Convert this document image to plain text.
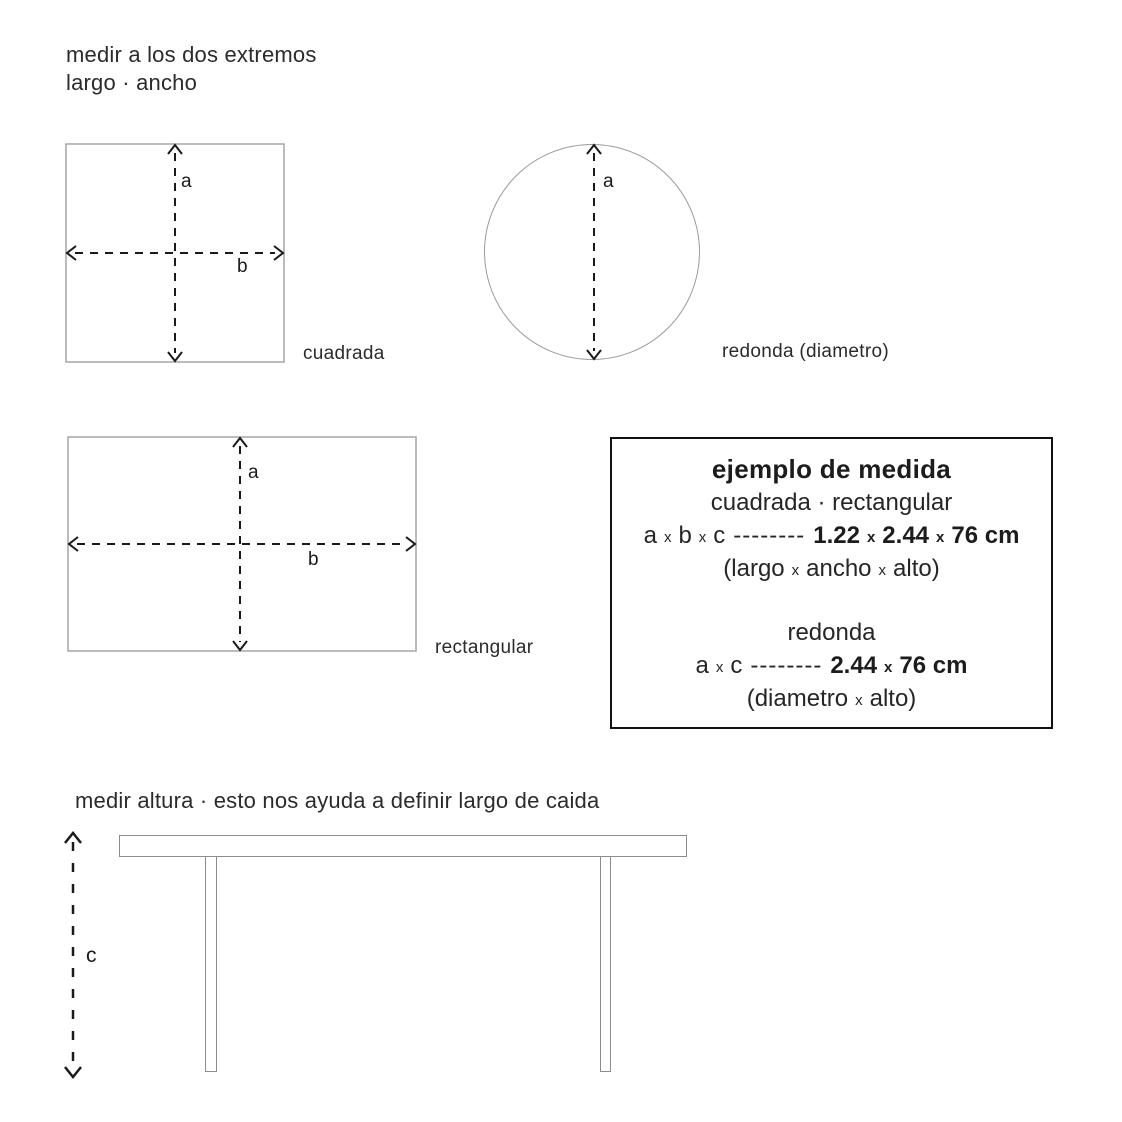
medir a los dos extremos
largo · ancho
a
b
cuadrada
a
redonda (diametro)
a
b
rectangular
ejemplo de medida
cuadrada · rectangular
ax b x c -------- 1.22 x 2.44 x 76 cm
(largo x ancho x alto)
redonda
ax c -------- 2.44 x 76 cm
(diametro x alto)
medir altura · esto nos ayuda a definir largo de caida
c
